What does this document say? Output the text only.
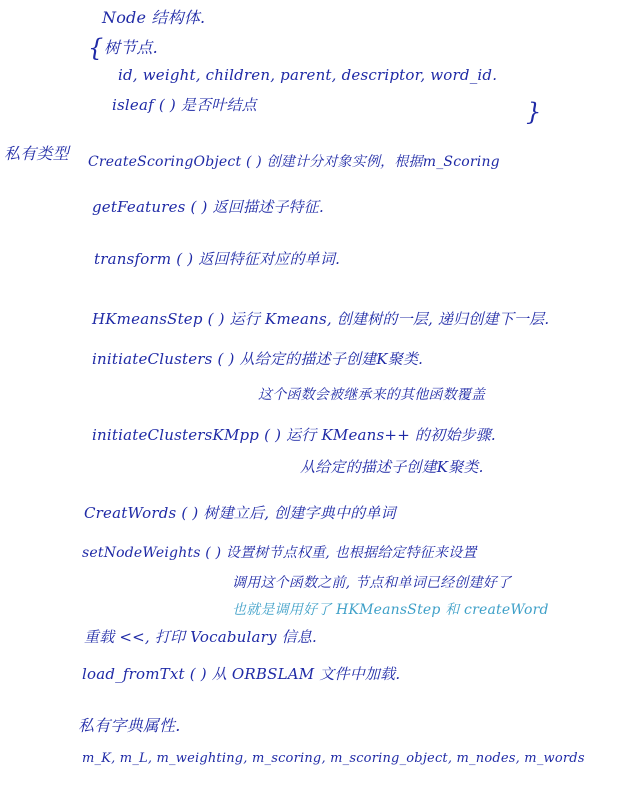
Node 结构体.
{ 树节点.
id, weight, children, parent, descriptor, word_id.
isleaf ( ) 是否叶结点	}
私有类型 CreateScoringObject ( ) 创建计分对象实例，根据m_Scoring
getFeatures ( ) 返回描述子特征.
transform ( ) 返回特征对应的单词.
HKmeansStep ( ) 运行 Kmeans, 创建树的一层, 递归创建下一层.
initiateClusters ( ) 从给定的描述子创建K聚类.
这个函数会被继承来的其他函数覆盖
initiateClustersKMpp ( ) 运行 KMeans++ 的初始步骤.
从给定的描述子创建K聚类.
CreatWords ( ) 树建立后, 创建字典中的单词
setNodeWeights ( ) 设置树节点权重, 也根据给定特征来设置
调用这个函数之前, 节点和单词已经创建好了
也就是调用好了 HKMeansStep 和 createWord
重载 <<, 打印 Vocabulary 信息.
load_fromTxt ( ) 从 ORBSLAM 文件中加载.
私有字典属性.
m_K, m_L, m_weighting, m_scoring, m_scoring_object, m_nodes, m_words
